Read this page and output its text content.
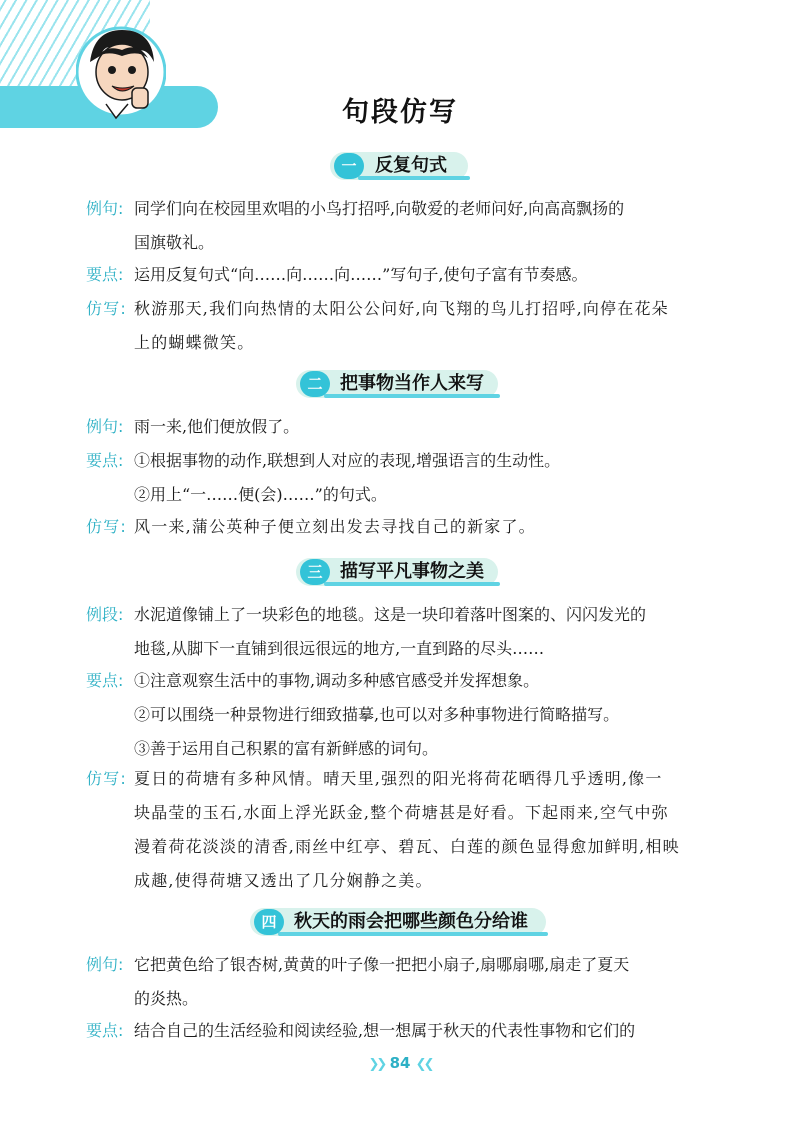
句段仿写
一	反复句式
例句: 同学们向在校园里欢唱的小鸟打招呼,向敬爱的老师问好,向高高飘扬的
国旗敬礼。
要点: 运用反复句式“向……向……向……”写句子,使句子富有节奏感。
仿写: 秋游那天,我们向热情的太阳公公问好,向飞翔的鸟儿打招呼,向停在花朵
上的蝴蝶微笑。
二 把事物当作人来写
例句: 雨一来,他们便放假了。
要点: ①根据事物的动作,联想到人对应的表现,增强语言的生动性。
②用上“一……便(会)……”的句式。
仿写: 风一来,蒲公英种子便立刻出发去寻找自己的新家了。
三 描写平凡事物之美
例段: 水泥道像铺上了一块彩色的地毯。这是一块印着落叶图案的、闪闪发光的
地毯,从脚下一直铺到很远很远的地方,一直到路的尽头……
要点: ①注意观察生活中的事物,调动多种感官感受并发挥想象。
②可以围绕一种景物进行细致描摹,也可以对多种事物进行简略描写。
③善于运用自己积累的富有新鲜感的词句。
仿写: 夏日的荷塘有多种风情。晴天里,强烈的阳光将荷花晒得几乎透明,像一
块晶莹的玉石,水面上浮光跃金,整个荷塘甚是好看。下起雨来,空气中弥
漫着荷花淡淡的清香,雨丝中红亭、碧瓦、白莲的颜色显得愈加鲜明,相映
成趣,使得荷塘又透出了几分娴静之美。
四 秋天的雨会把哪些颜色分给谁
例句: 它把黄色给了银杏树,黄黄的叶子像一把把小扇子,扇哪扇哪,扇走了夏天
的炎热。
要点: 结合自己的生活经验和阅读经验,想一想属于秋天的代表性事物和它们的
❯❯ 84 ❮❮
